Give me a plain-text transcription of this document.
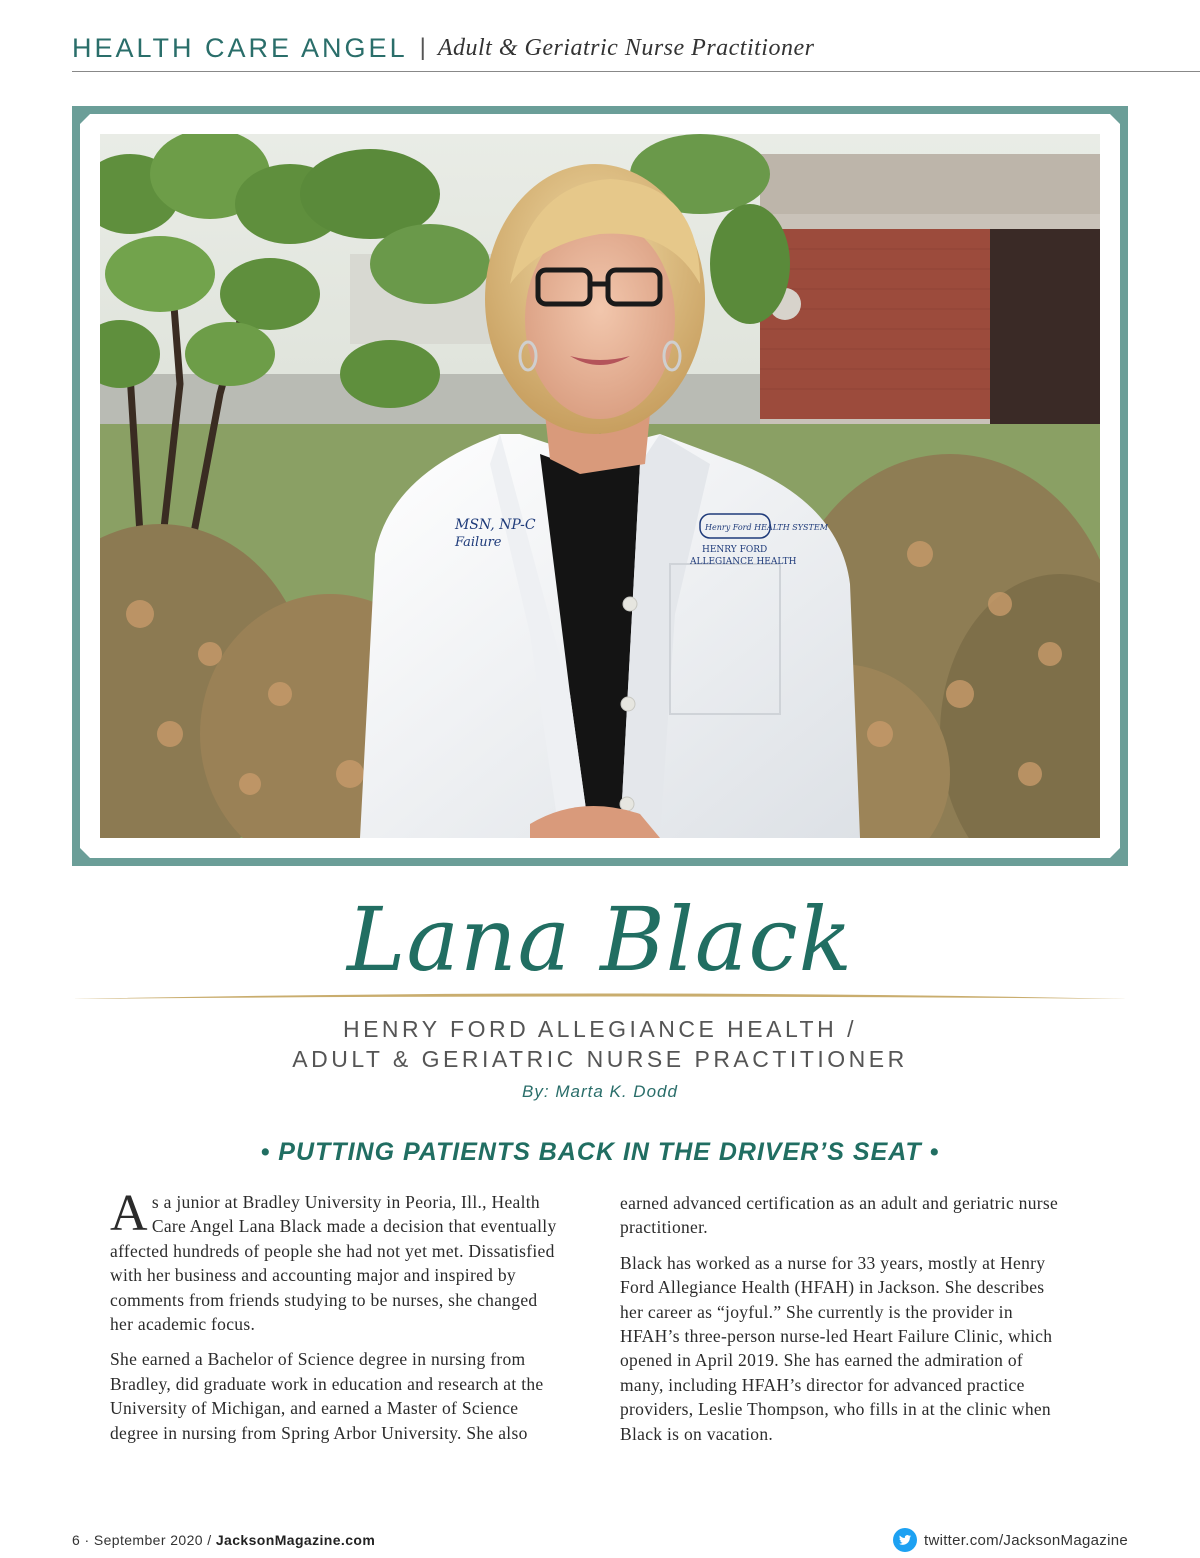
HEALTH CARE ANGEL | Adult & Geriatric Nurse Practitioner
MSN, NP-C
Failure
Henry Ford HEALTH SYSTEM
HENRY FORD
ALLEGIANCE HEALTH
Lana Black
HENRY FORD ALLEGIANCE HEALTH /
ADULT & GERIATRIC NURSE PRACTITIONER
By: Marta K. Dodd
• PUTTING PATIENTS BACK IN THE DRIVER’S SEAT •

As a junior at Bradley University in Peoria, Ill., Health Care Angel Lana Black made a decision that eventually affected hundreds of people she had not yet met. Dissatisfied with her business and accounting major and inspired by comments from friends studying to be nurses, she changed her academic focus.

She earned a Bachelor of Science degree in nursing from Bradley, did graduate work in education and research at the University of Michigan, and earned a Master of Science degree in nursing from Spring Arbor University. She also

earned advanced certification as an adult and geriatric nurse practitioner.

Black has worked as a nurse for 33 years, mostly at Henry Ford Allegiance Health (HFAH) in Jackson. She describes her career as “joyful.” She currently is the provider in HFAH’s three-person nurse-led Heart Failure Clinic, which opened in April 2019. She has earned the admiration of many, including HFAH’s director for advanced practice providers, Leslie Thompson, who fills in at the clinic when Black is on vacation.

6 · September 2020 / JacksonMagazine.com	twitter.com/JacksonMagazine
